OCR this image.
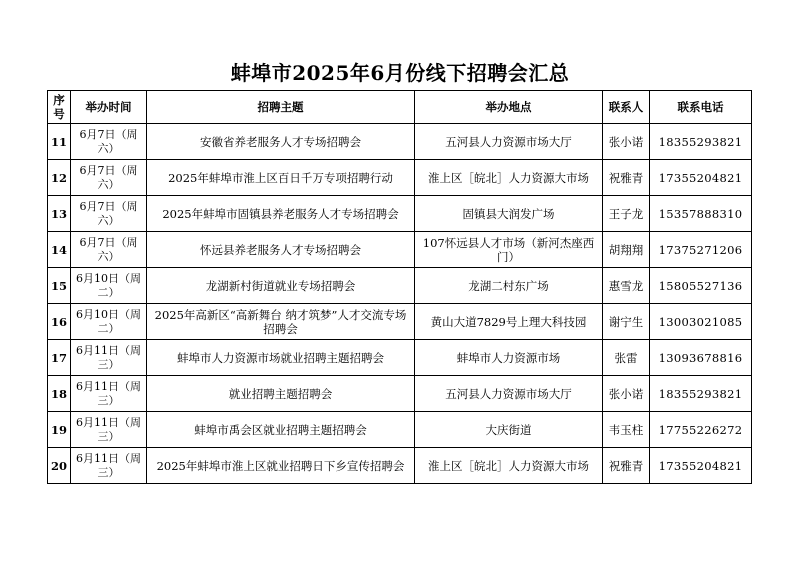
蚌埠市2025年6月份线下招聘会汇总
序号	举办时间	招聘主题	举办地点	联系人	联系电话
11	6月7日（周六）	安徽省养老服务人才专场招聘会	五河县人力资源市场大厅	张小诺	18355293821
12	6月7日（周六）	2025年蚌埠市淮上区百日千万专项招聘行动	淮上区［皖北］人力资源大市场	祝雅青	17355204821
13	6月7日（周六）	2025年蚌埠市固镇县养老服务人才专场招聘会	固镇县大润发广场	王子龙	15357888310
14	6月7日（周六）	怀远县养老服务人才专场招聘会	107怀远县人才市场（新河杰座西门）	胡翔翔	17375271206
15	6月10日（周二）	龙湖新村街道就业专场招聘会	龙湖二村东广场	惠雪龙	15805527136
16	6月10日（周二）	2025年高新区“高新舞台 纳才筑梦”人才交流专场招聘会	黄山大道7829号上理大科技园	谢宁生	13003021085
17	6月11日（周三）	蚌埠市人力资源市场就业招聘主题招聘会	蚌埠市人力资源市场	张雷	13093678816
18	6月11日（周三）	就业招聘主题招聘会	五河县人力资源市场大厅	张小诺	18355293821
19	6月11日（周三）	蚌埠市禹会区就业招聘主题招聘会	大庆街道	韦玉柱	17755226272
20	6月11日（周三）	2025年蚌埠市淮上区就业招聘日下乡宣传招聘会	淮上区［皖北］人力资源大市场	祝雅青	17355204821
